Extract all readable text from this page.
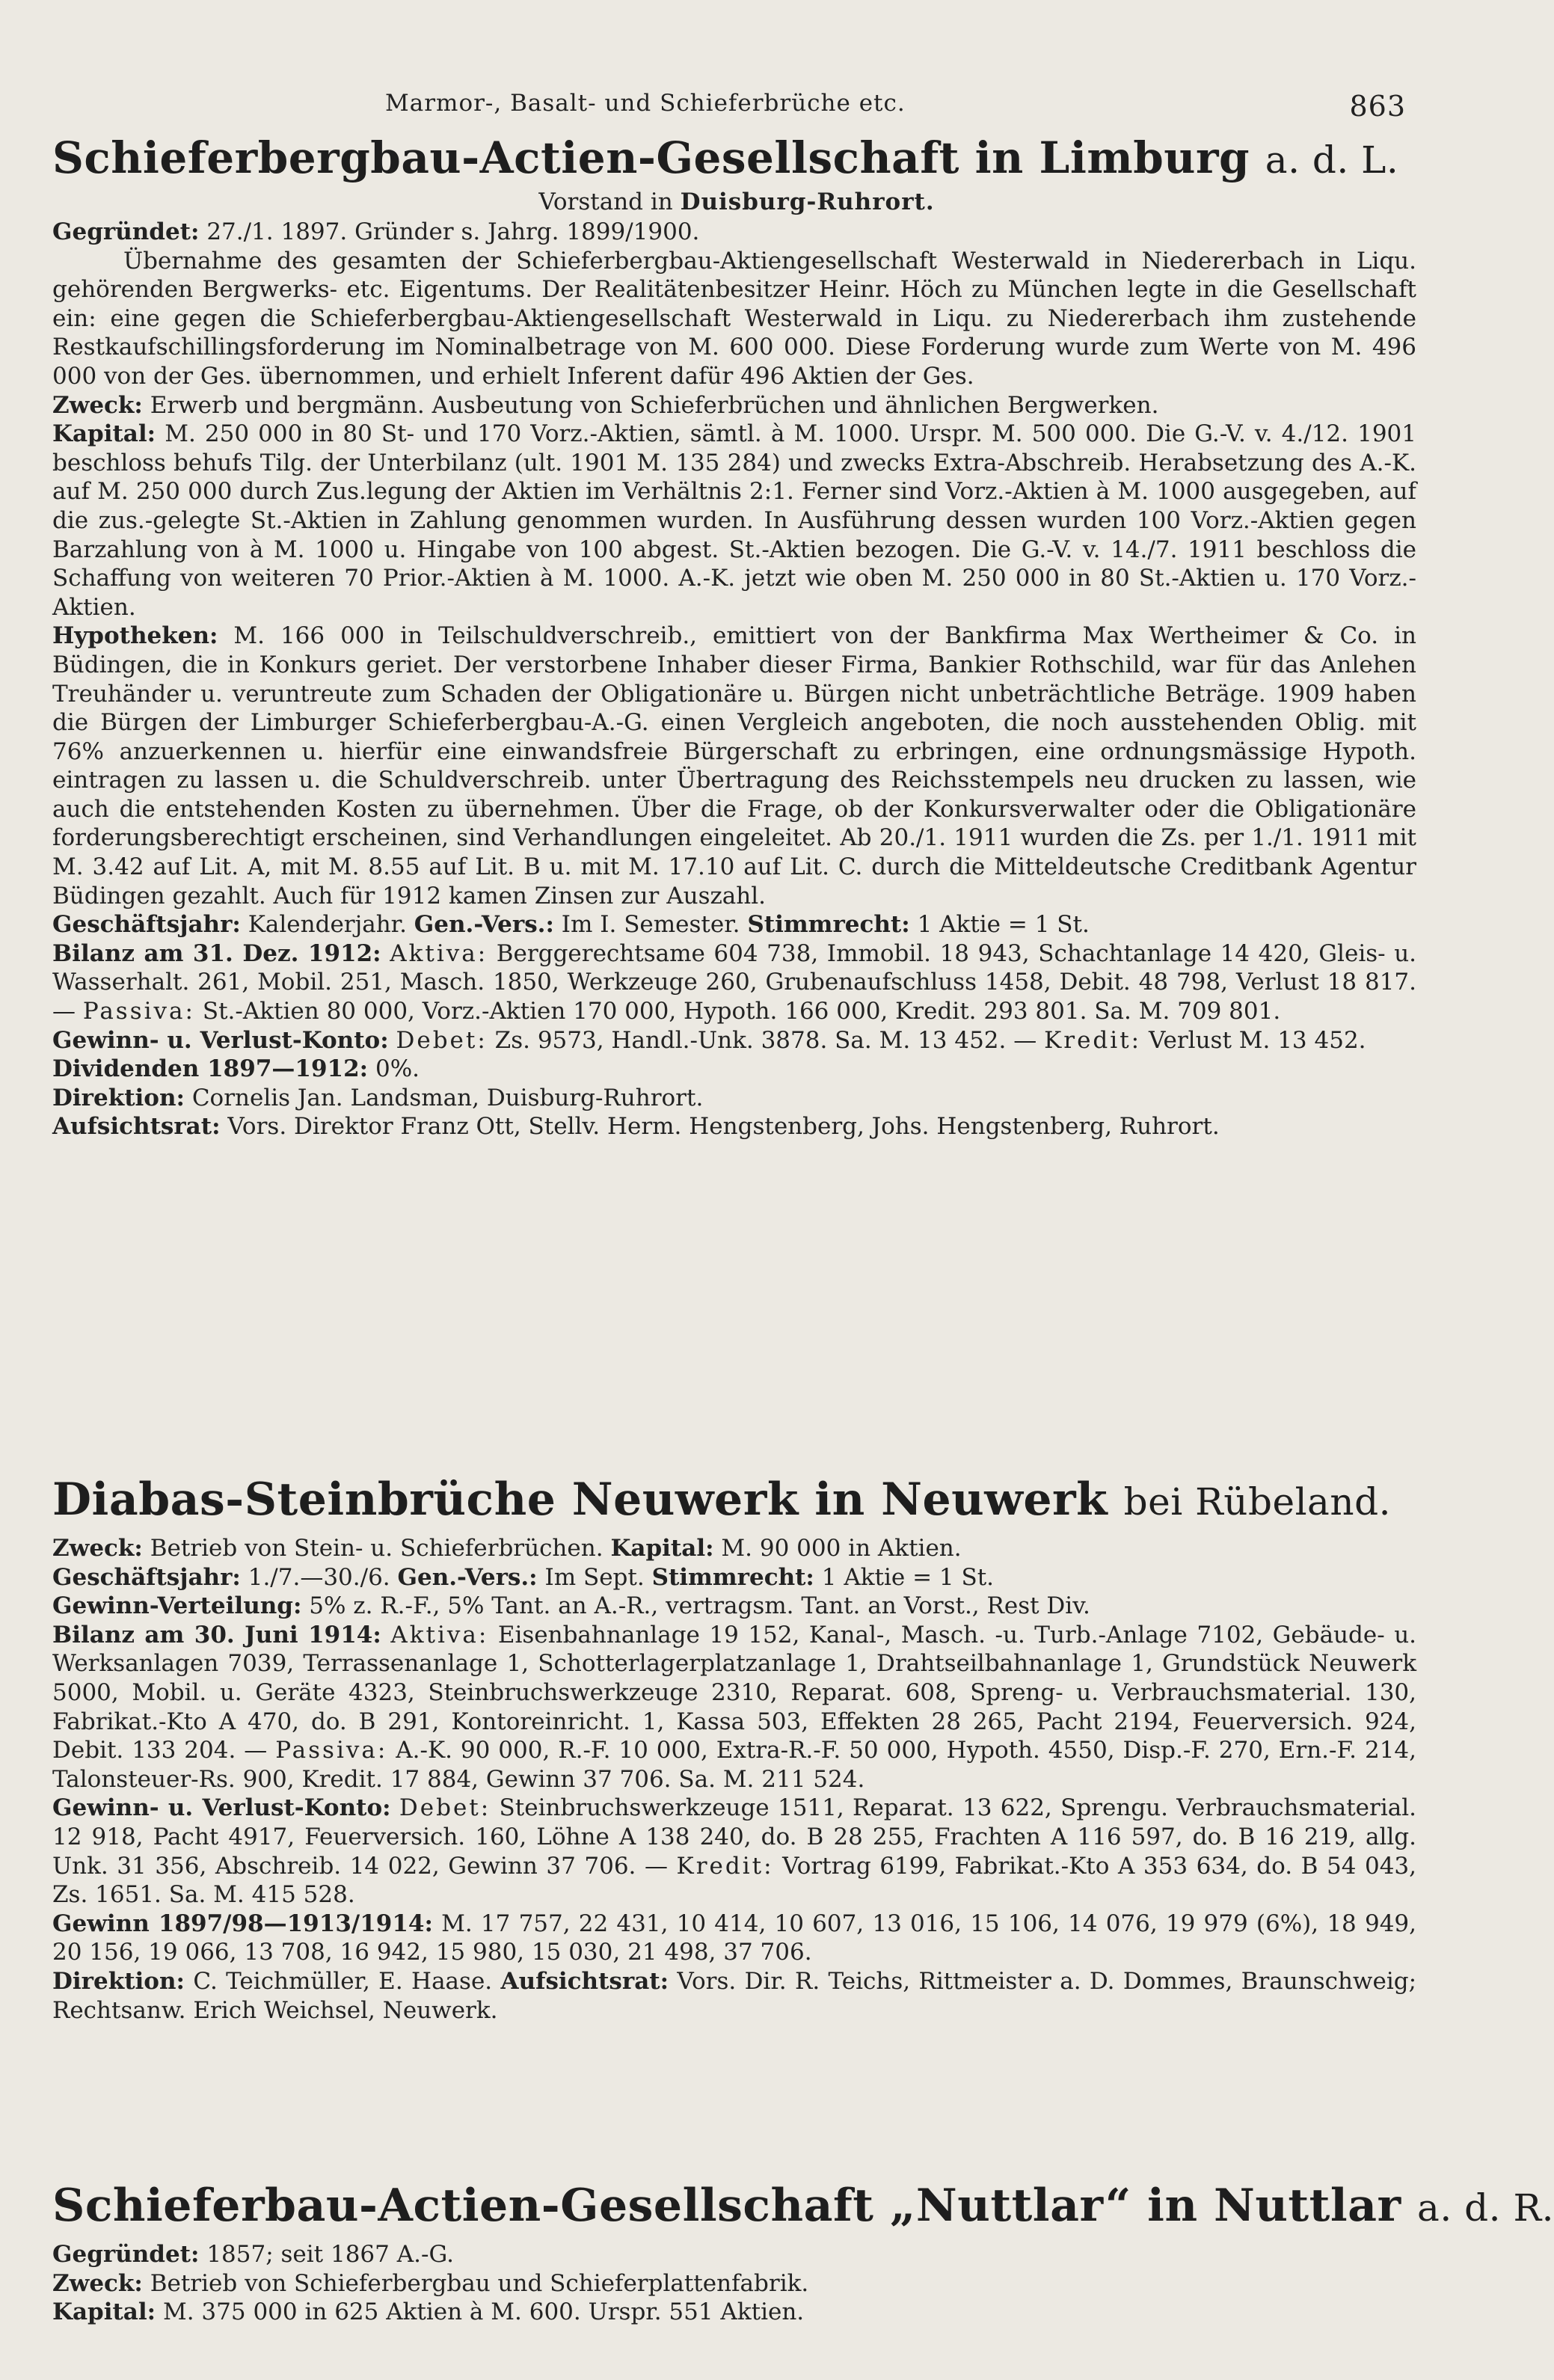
Marmor-, Basalt- und Schieferbrüche etc.	863
Schieferbergbau-Actien-Gesellschaft in Limburg a. d. L.
Vorstand in Duisburg-Ruhrort.

Gegründet: 27./1. 1897. Gründer s. Jahrg. 1899/1900.

Übernahme des gesamten der Schieferbergbau-Aktiengesellschaft Westerwald in Niedererbach in Liqu. gehörenden Bergwerks- etc. Eigentums. Der Realitätenbesitzer Heinr. Höch zu München legte in die Gesellschaft ein: eine gegen die Schieferbergbau-Aktiengesellschaft Westerwald in Liqu. zu Niedererbach ihm zustehende Restkaufschillingsforderung im Nominalbetrage von M. 600 000. Diese Forderung wurde zum Werte von M. 496 000 von der Ges. übernommen, und erhielt Inferent dafür 496 Aktien der Ges.

Zweck: Erwerb und bergmänn. Ausbeutung von Schieferbrüchen und ähnlichen Bergwerken.

Kapital: M. 250 000 in 80 St- und 170 Vorz.-Aktien, sämtl. à M. 1000. Urspr. M. 500 000. Die G.-V. v. 4./12. 1901 beschloss behufs Tilg. der Unterbilanz (ult. 1901 M. 135 284) und zwecks Extra-Abschreib. Herabsetzung des A.-K. auf M. 250 000 durch Zus.legung der Aktien im Verhältnis 2:1. Ferner sind Vorz.-Aktien à M. 1000 ausgegeben, auf die zus.-gelegte St.-Aktien in Zahlung genommen wurden. In Ausführung dessen wurden 100 Vorz.-Aktien gegen Barzahlung von à M. 1000 u. Hingabe von 100 abgest. St.-Aktien bezogen. Die G.-V. v. 14./7. 1911 beschloss die Schaffung von weiteren 70 Prior.-Aktien à M. 1000. A.-K. jetzt wie oben M. 250 000 in 80 St.-Aktien u. 170 Vorz.-Aktien.

Hypotheken: M. 166 000 in Teilschuldverschreib., emittiert von der Bankfirma Max Wertheimer & Co. in Büdingen, die in Konkurs geriet. Der verstorbene Inhaber dieser Firma, Bankier Rothschild, war für das Anlehen Treuhänder u. veruntreute zum Schaden der Obligationäre u. Bürgen nicht unbeträchtliche Beträge. 1909 haben die Bürgen der Limburger Schieferbergbau-A.-G. einen Vergleich angeboten, die noch ausstehenden Oblig. mit 76% anzuerkennen u. hierfür eine einwandsfreie Bürgerschaft zu erbringen, eine ordnungsmässige Hypoth. eintragen zu lassen u. die Schuldverschreib. unter Übertragung des Reichsstempels neu drucken zu lassen, wie auch die entstehenden Kosten zu übernehmen. Über die Frage, ob der Konkursverwalter oder die Obligationäre forderungsberechtigt erscheinen, sind Verhandlungen eingeleitet. Ab 20./1. 1911 wurden die Zs. per 1./1. 1911 mit M. 3.42 auf Lit. A, mit M. 8.55 auf Lit. B u. mit M. 17.10 auf Lit. C. durch die Mitteldeutsche Creditbank Agentur Büdingen gezahlt. Auch für 1912 kamen Zinsen zur Auszahl.

Geschäftsjahr: Kalenderjahr. Gen.-Vers.: Im I. Semester. Stimmrecht: 1 Aktie = 1 St.

Bilanz am 31. Dez. 1912: Aktiva: Berggerechtsame 604 738, Immobil. 18 943, Schachtanlage 14 420, Gleis- u. Wasserhalt. 261, Mobil. 251, Masch. 1850, Werkzeuge 260, Grubenaufschluss 1458, Debit. 48 798, Verlust 18 817. — Passiva: St.-Aktien 80 000, Vorz.-Aktien 170 000, Hypoth. 166 000, Kredit. 293 801. Sa. M. 709 801.

Gewinn- u. Verlust-Konto: Debet: Zs. 9573, Handl.-Unk. 3878. Sa. M. 13 452. — Kredit: Verlust M. 13 452.

Dividenden 1897—1912: 0%.

Direktion: Cornelis Jan. Landsman, Duisburg-Ruhrort.

Aufsichtsrat: Vors. Direktor Franz Ott, Stellv. Herm. Hengstenberg, Johs. Hengstenberg, Ruhrort.

Diabas-Steinbrüche Neuwerk in Neuwerk bei Rübeland.

Zweck: Betrieb von Stein- u. Schieferbrüchen. Kapital: M. 90 000 in Aktien.

Geschäftsjahr: 1./7.—30./6. Gen.-Vers.: Im Sept. Stimmrecht: 1 Aktie = 1 St.

Gewinn-Verteilung: 5% z. R.-F., 5% Tant. an A.-R., vertragsm. Tant. an Vorst., Rest Div.

Bilanz am 30. Juni 1914: Aktiva: Eisenbahnanlage 19 152, Kanal-, Masch. -u. Turb.-Anlage 7102, Gebäude- u. Werksanlagen 7039, Terrassenanlage 1, Schotterlagerplatzanlage 1, Drahtseilbahnanlage 1, Grundstück Neuwerk 5000, Mobil. u. Geräte 4323, Steinbruchswerkzeuge 2310, Reparat. 608, Spreng- u. Verbrauchsmaterial. 130, Fabrikat.-Kto A 470, do. B 291, Kontoreinricht. 1, Kassa 503, Effekten 28 265, Pacht 2194, Feuerversich. 924, Debit. 133 204. — Passiva: A.-K. 90 000, R.-F. 10 000, Extra-R.-F. 50 000, Hypoth. 4550, Disp.-F. 270, Ern.-F. 214, Talonsteuer-Rs. 900, Kredit. 17 884, Gewinn 37 706. Sa. M. 211 524.

Gewinn- u. Verlust-Konto: Debet: Steinbruchswerkzeuge 1511, Reparat. 13 622, Sprengu. Verbrauchsmaterial. 12 918, Pacht 4917, Feuerversich. 160, Löhne A 138 240, do. B 28 255, Frachten A 116 597, do. B 16 219, allg. Unk. 31 356, Abschreib. 14 022, Gewinn 37 706. — Kredit: Vortrag 6199, Fabrikat.-Kto A 353 634, do. B 54 043, Zs. 1651. Sa. M. 415 528.

Gewinn 1897/98—1913/1914: M. 17 757, 22 431, 10 414, 10 607, 13 016, 15 106, 14 076, 19 979 (6%), 18 949, 20 156, 19 066, 13 708, 16 942, 15 980, 15 030, 21 498, 37 706.

Direktion: C. Teichmüller, E. Haase. Aufsichtsrat: Vors. Dir. R. Teichs, Rittmeister a. D. Dommes, Braunschweig; Rechtsanw. Erich Weichsel, Neuwerk.

Schieferbau-Actien-Gesellschaft „Nuttlar“ in Nuttlar a. d. R.

Gegründet: 1857; seit 1867 A.-G.

Zweck: Betrieb von Schieferbergbau und Schieferplattenfabrik.

Kapital: M. 375 000 in 625 Aktien à M. 600. Urspr. 551 Aktien.
